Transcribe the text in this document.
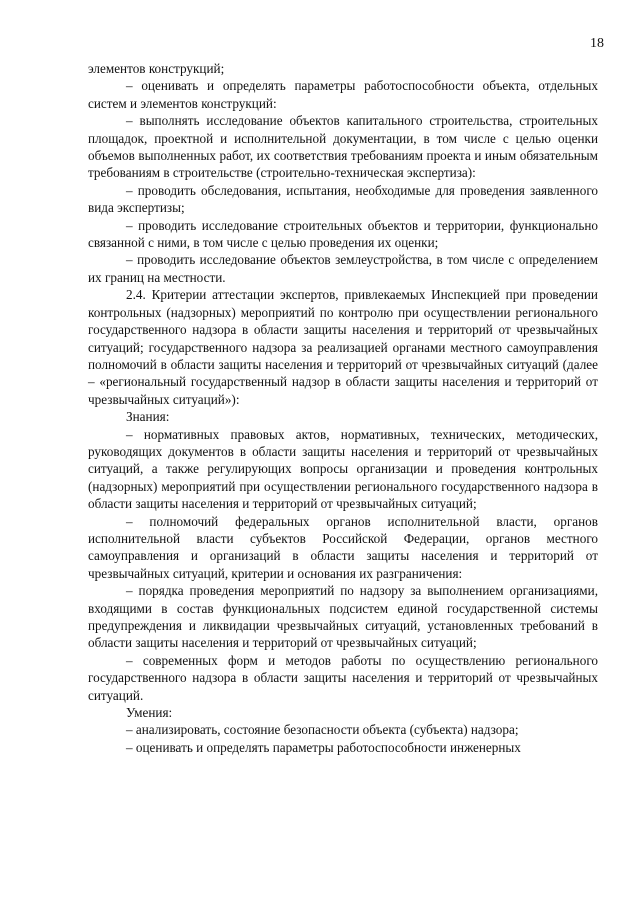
18

элементов конструкций;

– оценивать и определять параметры работоспособности объекта, отдельных систем и элементов конструкций:

– выполнять исследование объектов капитального строительства, строительных площадок, проектной и исполнительной документации, в том числе с целью оценки объемов выполненных работ, их соответствия требованиям проекта и иным обязательным требованиям в строительстве (строительно-техническая экспертиза):

– проводить обследования, испытания, необходимые для проведения заявленного вида экспертизы;

– проводить исследование строительных объектов и территории, функционально связанной с ними, в том числе с целью проведения их оценки;

– проводить исследование объектов землеустройства, в том числе с определением их границ на местности.

2.4. Критерии аттестации экспертов, привлекаемых Инспекцией при проведении контрольных (надзорных) мероприятий по контролю при осуществлении регионального государственного надзора в области защиты населения и территорий от чрезвычайных ситуаций; государственного надзора за реализацией органами местного самоуправления полномочий в области защиты населения и территорий от чрезвычайных ситуаций (далее – «региональный государственный надзор в области защиты населения и территорий от чрезвычайных ситуаций»):

Знания:

– нормативных правовых актов, нормативных, технических, методических, руководящих документов в области защиты населения и территорий от чрезвычайных ситуаций, а также регулирующих вопросы организации и проведения контрольных (надзорных) мероприятий при осуществлении регионального государственного надзора в области защиты населения и территорий от чрезвычайных ситуаций;

– полномочий федеральных органов исполнительной власти, органов исполнительной власти субъектов Российской Федерации, органов местного самоуправления и организаций в области защиты населения и территорий от чрезвычайных ситуаций, критерии и основания их разграничения:

– порядка проведения мероприятий по надзору за выполнением организациями, входящими в состав функциональных подсистем единой государственной системы предупреждения и ликвидации чрезвычайных ситуаций, установленных требований в области защиты населения и территорий от чрезвычайных ситуаций;

– современных форм и методов работы по осуществлению регионального государственного надзора в области защиты населения и территорий от чрезвычайных ситуаций.

Умения:

– анализировать, состояние безопасности объекта (субъекта) надзора;

– оценивать и определять параметры работоспособности инженерных
